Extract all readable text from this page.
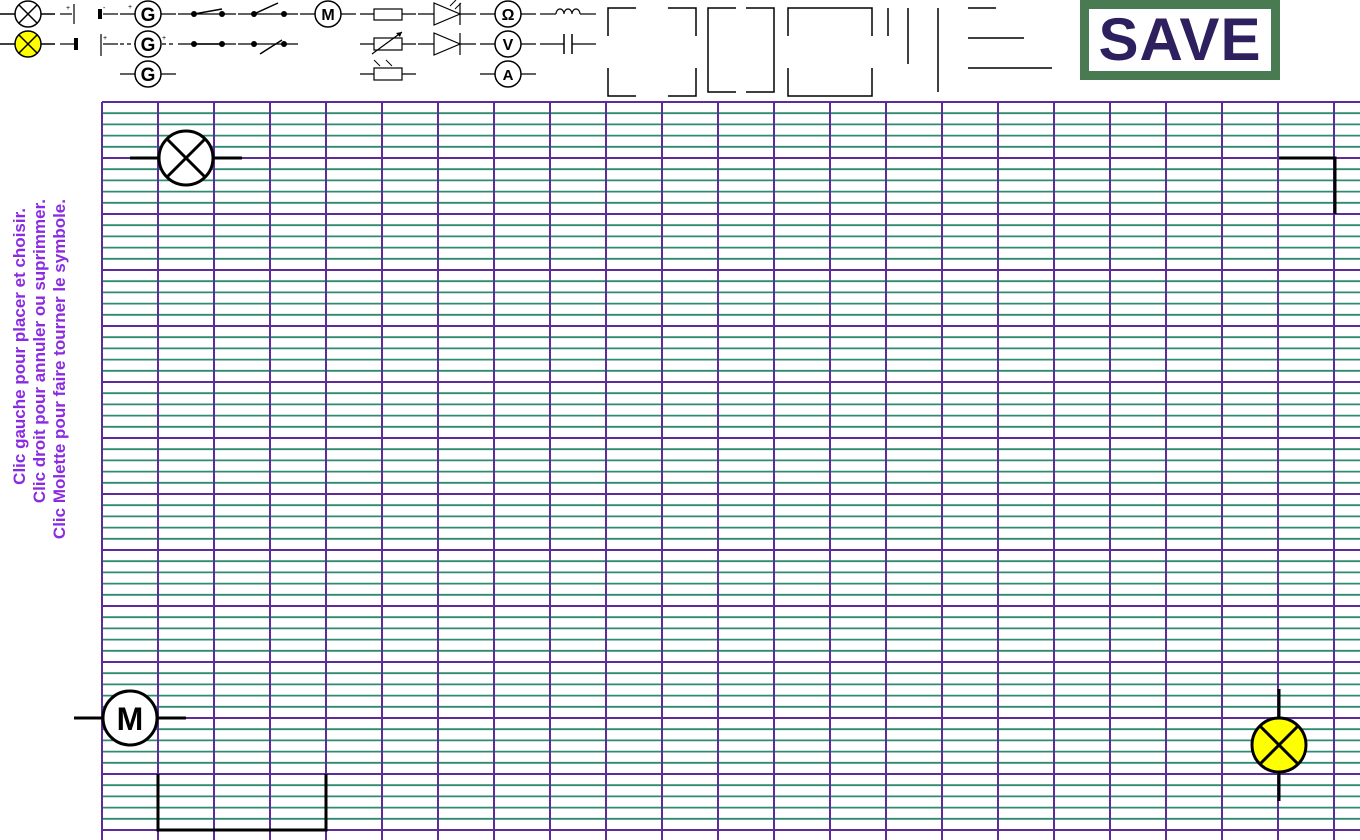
M
+	-
+
G
+
G +
G
M	Ω
V
A
SAVE
Clic gauche pour placer et choisir. Clic droit pour annuler ou suprimmer. Clic Molette pour faire tourner le symbole.
